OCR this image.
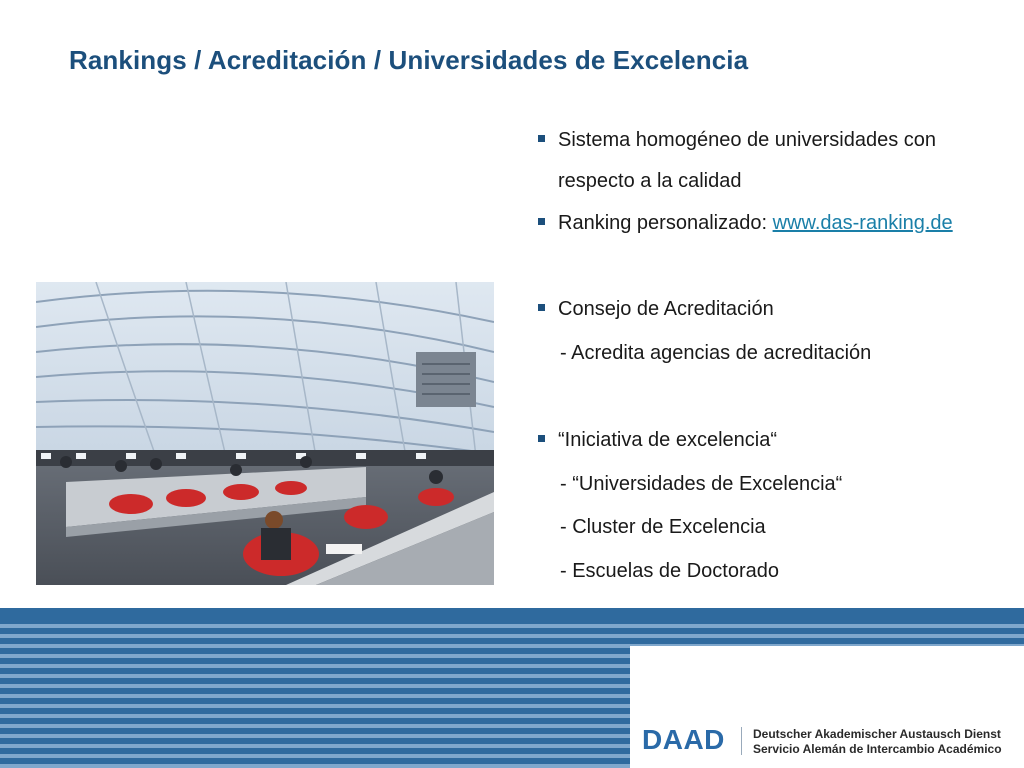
Rankings / Acreditación / Universidades de Excelencia
Sistema homogéneo de universidades con
respecto a la calidad
Ranking personalizado: www.das-ranking.de
Consejo de Acreditación
- Acredita agencias de acreditación
“Iniciativa de excelencia“
- “Universidades de Excelencia“
- Cluster de Excelencia
- Escuelas de Doctorado
DAAD Deutscher Akademischer Austausch Dienst
Servicio Alemán de Intercambio Académico
